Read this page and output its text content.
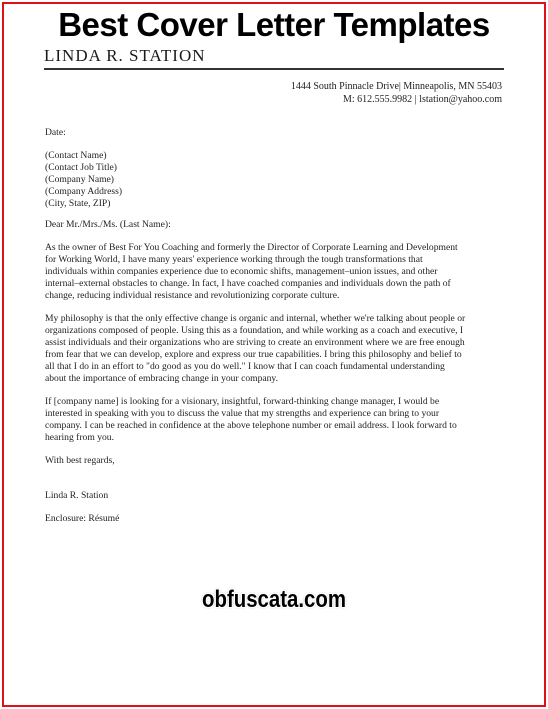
Best Cover Letter Templates
LINDA R. STATION
1444 South Pinnacle Drive| Minneapolis, MN 55403
M: 612.555.9982 | lstation@yahoo.com

Date:

(Contact Name)

(Contact Job Title)

(Company Name)

(Company Address)

(City, State, ZIP)

Dear Mr./Mrs./Ms. (Last Name):

As the owner of Best For You Coaching and formerly the Director of Corporate Learning and Development

for Working World, I have many years' experience working through the tough transformations that

individuals within companies experience due to economic shifts, management–union issues, and other

internal–external obstacles to change. In fact, I have coached companies and individuals down the path of

change, reducing individual resistance and revolutionizing corporate culture.

My philosophy is that the only effective change is organic and internal, whether we're talking about people or

organizations composed of people. Using this as a foundation, and while working as a coach and executive, I

assist individuals and their organizations who are striving to create an environment where we are free enough

from fear that we can develop, explore and express our true capabilities. I bring this philosophy and belief to

all that I do in an effort to "do good as you do well." I know that I can coach fundamental understanding

about the importance of embracing change in your company.

If [company name] is looking for a visionary, insightful, forward-thinking change manager, I would be

interested in speaking with you to discuss the value that my strengths and experience can bring to your

company. I can be reached in confidence at the above telephone number or email address. I look forward to

hearing from you.

With best regards,

Linda R. Station

Enclosure: Résumé

obfuscata.com
